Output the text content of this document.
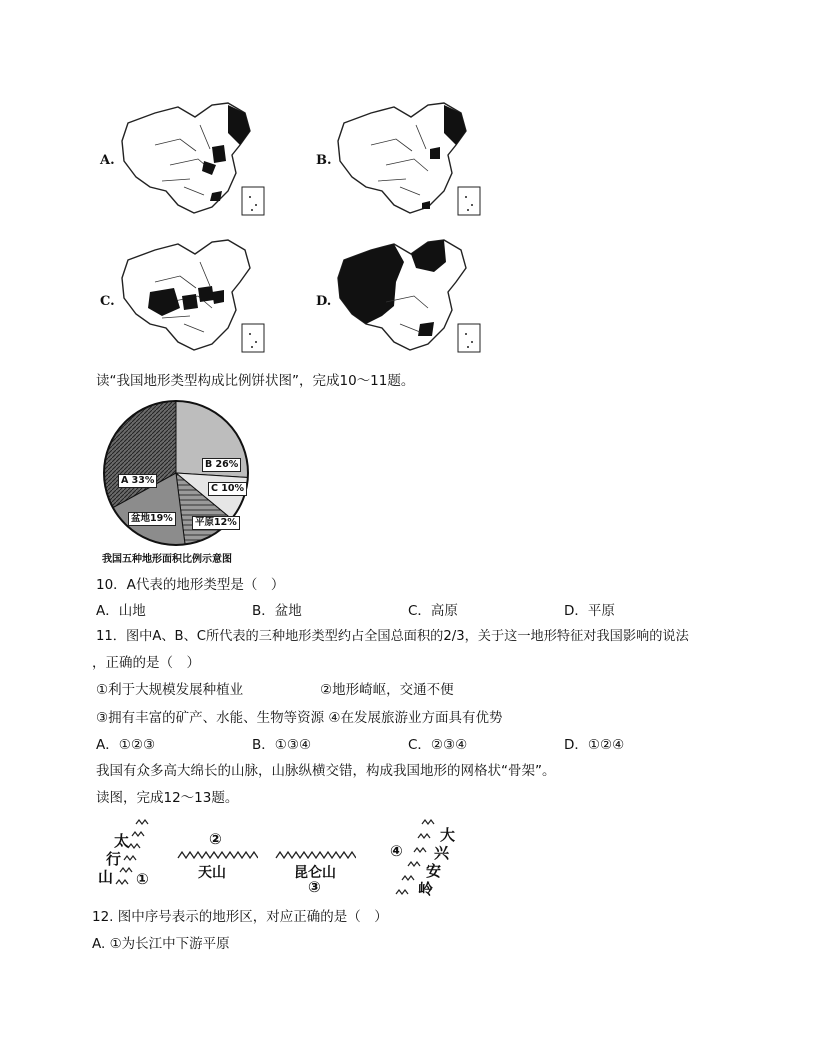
A.	B.
C.	D.
读“我国地形类型构成比例饼状图”，完成10～11题。
A 33%
B 26%
C 10%
平原12%
盆地19%
我国五种地形面积比例示意图
10．A代表的地形类型是（　）
A．山地	B．盆地	C．高原	D．平原
11．图中A、B、C所代表的三种地形类型约占全国总面积的2/3，关于这一地形特征对我国影响的说法
，正确的是（　）
①利于大规模发展种植业	②地形崎岖，交通不便
③拥有丰富的矿产、水能、生物等资源 ④在发展旅游业方面具有优势
A．①②③	B．①③④	C．②③④	D．①②④
我国有众多高大绵长的山脉，山脉纵横交错，构成我国地形的网格状“骨架”。
读图，完成12～13题。
太
行
山 ①
②
天山	昆仑山
③
④
大
兴
安
岭
12. 图中序号表示的地形区，对应正确的是（　）
A. ①为长江中下游平原
